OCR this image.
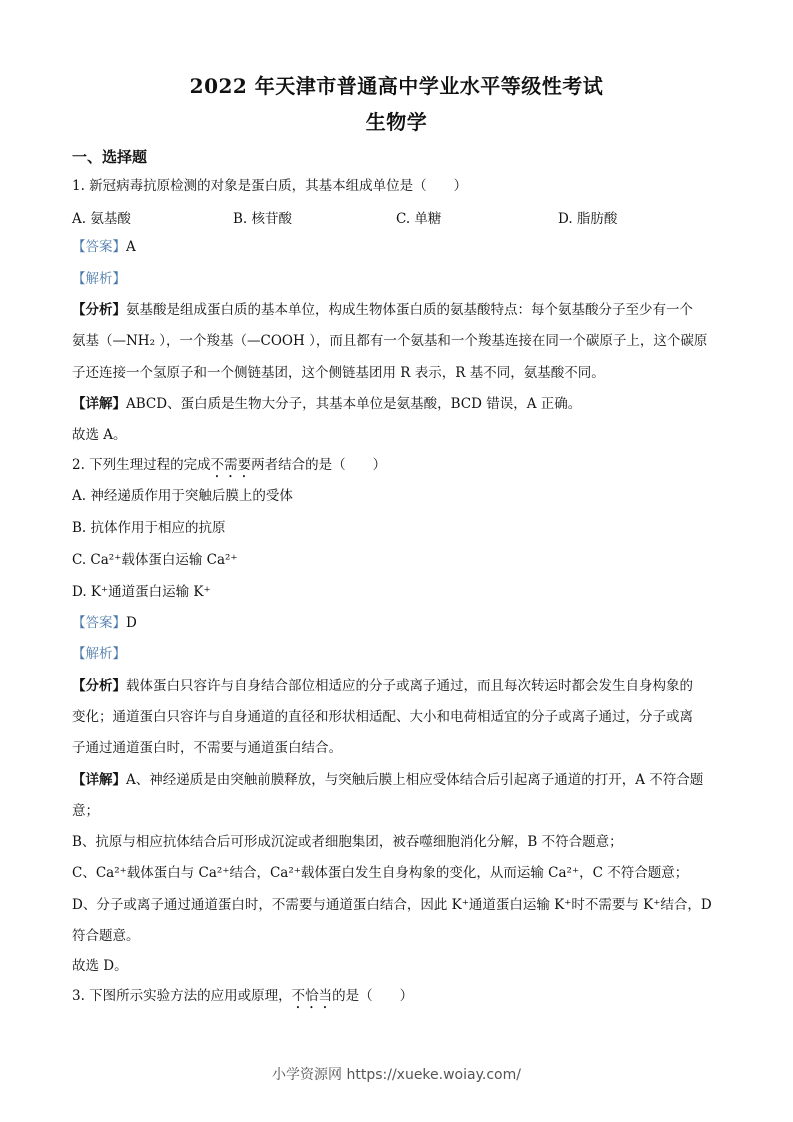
2022 年天津市普通高中学业水平等级性考试
生物学
一、选择题
1. 新冠病毒抗原检测的对象是蛋白质，其基本组成单位是（　　）
A. 氨基酸	B. 核苷酸	C. 单糖	D. 脂肪酸
【答案】A
【解析】
【分析】氨基酸是组成蛋白质的基本单位，构成生物体蛋白质的氨基酸特点：每个氨基酸分子至少有一个
氨基（—NH₂ ），一个羧基（—COOH ），而且都有一个氨基和一个羧基连接在同一个碳原子上，这个碳原
子还连接一个氢原子和一个侧链基团，这个侧链基团用 R 表示，R 基不同，氨基酸不同。
【详解】ABCD、蛋白质是生物大分子，其基本单位是氨基酸，BCD 错误，A 正确。
故选 A。
2. 下列生理过程的完成不需要两者结合的是（　　）
A. 神经递质作用于突触后膜上的受体
B. 抗体作用于相应的抗原
C. Ca²⁺载体蛋白运输 Ca²⁺
D. K⁺通道蛋白运输 K⁺
【答案】D
【解析】
【分析】载体蛋白只容许与自身结合部位相适应的分子或离子通过，而且每次转运时都会发生自身构象的
变化；通道蛋白只容许与自身通道的直径和形状相适配、大小和电荷相适宜的分子或离子通过，分子或离
子通过通道蛋白时，不需要与通道蛋白结合。
【详解】A、神经递质是由突触前膜释放，与突触后膜上相应受体结合后引起离子通道的打开，A 不符合题
意；
B、抗原与相应抗体结合后可形成沉淀或者细胞集团，被吞噬细胞消化分解，B 不符合题意；
C、Ca²⁺载体蛋白与 Ca²⁺结合，Ca²⁺载体蛋白发生自身构象的变化，从而运输 Ca²⁺，C 不符合题意；
D、分子或离子通过通道蛋白时，不需要与通道蛋白结合，因此 K⁺通道蛋白运输 K⁺时不需要与 K⁺结合，D
符合题意。
故选 D。
3. 下图所示实验方法的应用或原理，不恰当的是（　　）
小学资源网 https://xueke.woiay.com/
